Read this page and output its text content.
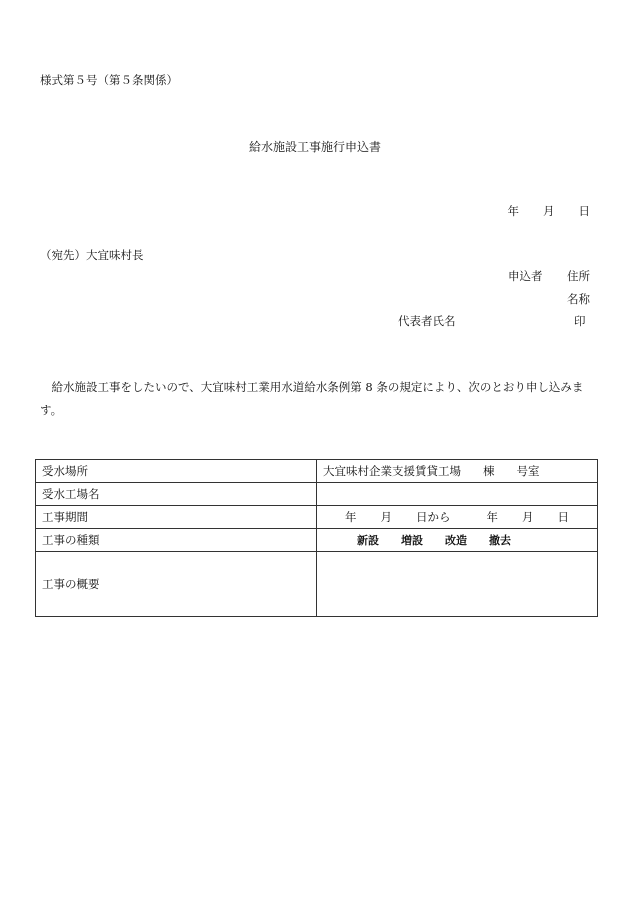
様式第５号（第５条関係）
給水施設工事施行申込書
年 月 日
（宛先）大宜味村長
申込者 住所
名称
代表者氏名	印
給水施設工事をしたいので、大宜味村工業用水道給水条例第 8 条の規定により、次のとおり申し込みます。
受水場所	大宜味村企業支援賃貸工場 棟 号室
受水工場名	
工事期間	年 月 日から 年 月 日
工事の種類	新設 増設 改造 撤去
工事の概要	
